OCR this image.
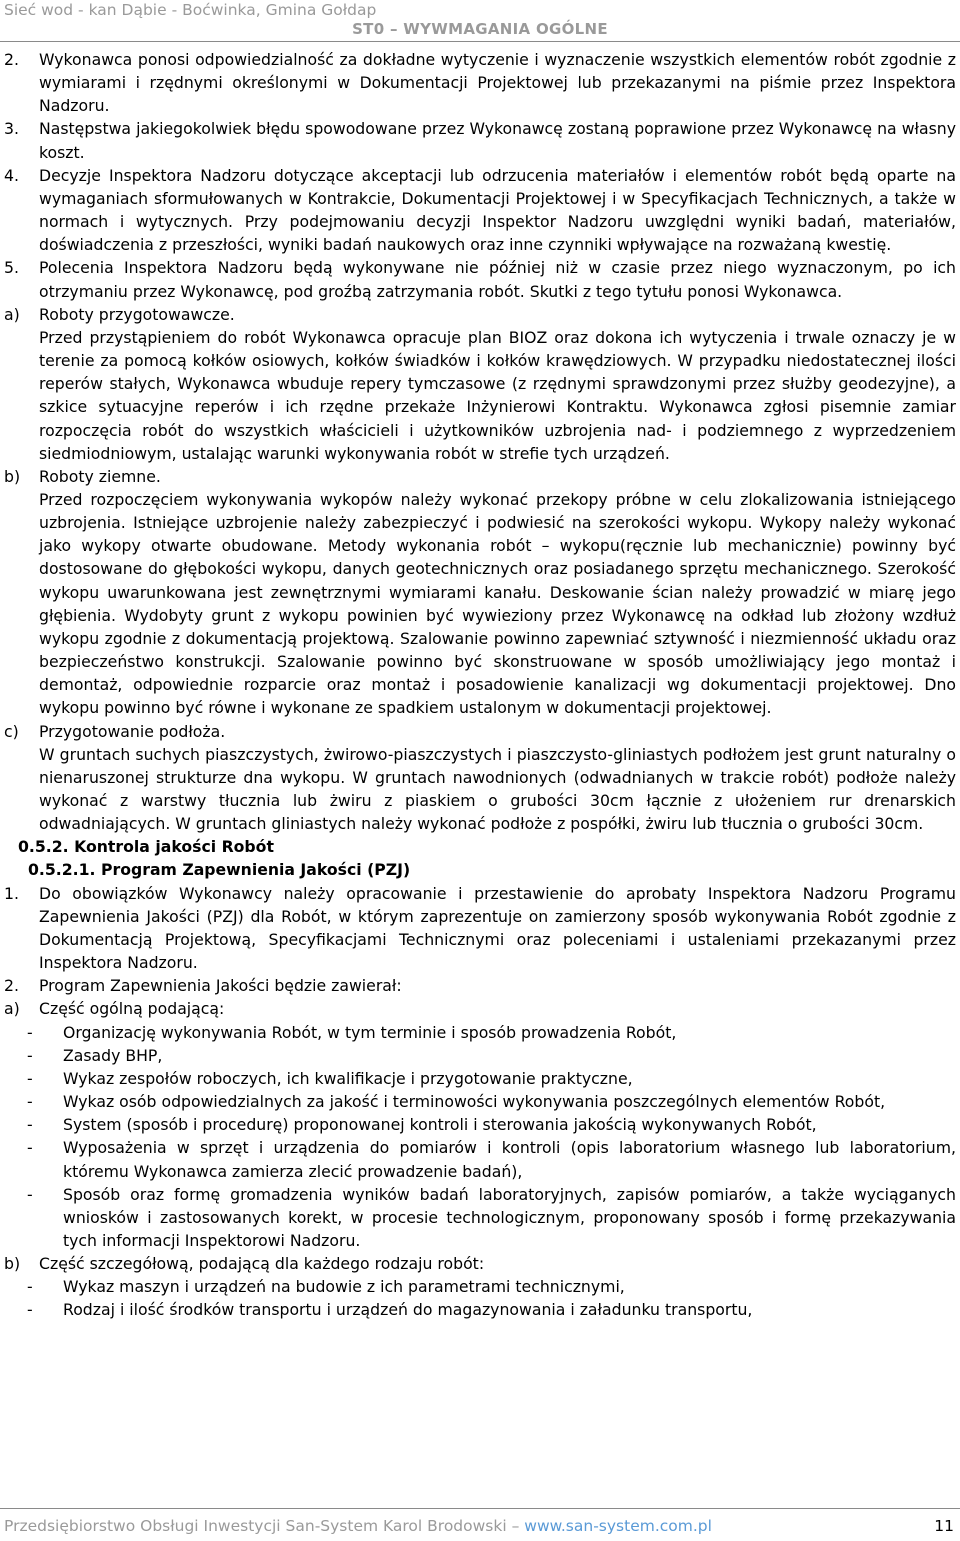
Sieć wod - kan Dąbie - Boćwinka, Gmina Gołdap
ST0 – WYWMAGANIA OGÓLNE
2.	Wykonawca ponosi odpowiedzialność za dokładne wytyczenie i wyznaczenie wszystkich elementów robót zgodnie z wymiarami i rzędnymi określonymi w Dokumentacji Projektowej lub przekazanymi na piśmie przez Inspektora Nadzoru.
3.	Następstwa jakiegokolwiek błędu spowodowane przez Wykonawcę zostaną poprawione przez Wykonawcę na własny koszt.
4.	Decyzje Inspektora Nadzoru dotyczące akceptacji lub odrzucenia materiałów i elementów robót będą oparte na wymaganiach sformułowanych w Kontrakcie, Dokumentacji Projektowej i w Specyfikacjach Technicznych, a także w normach i wytycznych. Przy podejmowaniu decyzji Inspektor Nadzoru uwzględni wyniki badań, materiałów, doświadczenia z przeszłości, wyniki badań naukowych oraz inne czynniki wpływające na rozważaną kwestię.
5.	Polecenia Inspektora Nadzoru będą wykonywane nie później niż w czasie przez niego wyznaczonym, po ich otrzymaniu przez Wykonawcę, pod groźbą zatrzymania robót. Skutki z tego tytułu ponosi Wykonawca.
a)	Roboty przygotowawcze.
Przed przystąpieniem do robót Wykonawca opracuje plan BIOZ oraz dokona ich wytyczenia i trwale oznaczy je w terenie za pomocą kołków osiowych, kołków świadków i kołków krawędziowych. W przypadku niedostatecznej ilości reperów stałych, Wykonawca wbuduje repery tymczasowe (z rzędnymi sprawdzonymi przez służby geodezyjne), a szkice sytuacyjne reperów i ich rzędne przekaże Inżynierowi Kontraktu. Wykonawca zgłosi pisemnie zamiar rozpoczęcia robót do wszystkich właścicieli i użytkowników uzbrojenia nad- i podziemnego z wyprzedzeniem siedmiodniowym, ustalając warunki wykonywania robót w strefie tych urządzeń.
b)	Roboty ziemne.
Przed rozpoczęciem wykonywania wykopów należy wykonać przekopy próbne w celu zlokalizowania istniejącego uzbrojenia. Istniejące uzbrojenie należy zabezpieczyć i podwiesić na szerokości wykopu. Wykopy należy wykonać jako wykopy otwarte obudowane. Metody wykonania robót – wykopu(ręcznie lub mechanicznie) powinny być dostosowane do głębokości wykopu, danych geotechnicznych oraz posiadanego sprzętu mechanicznego. Szerokość wykopu uwarunkowana jest zewnętrznymi wymiarami kanału. Deskowanie ścian należy prowadzić w miarę jego głębienia. Wydobyty grunt z wykopu powinien być wywieziony przez Wykonawcę na odkład lub złożony wzdłuż wykopu zgodnie z dokumentacją projektową. Szalowanie powinno zapewniać sztywność i niezmienność układu oraz bezpieczeństwo konstrukcji. Szalowanie powinno być skonstruowane w sposób umożliwiający jego montaż i demontaż, odpowiednie rozparcie oraz montaż i posadowienie kanalizacji wg dokumentacji projektowej. Dno wykopu powinno być równe i wykonane ze spadkiem ustalonym w dokumentacji projektowej.
c)	Przygotowanie podłoża.
W gruntach suchych piaszczystych, żwirowo-piaszczystych i piaszczysto-gliniastych podłożem jest grunt naturalny o nienaruszonej strukturze dna wykopu. W gruntach nawodnionych (odwadnianych w trakcie robót) podłoże należy wykonać z warstwy tłucznia lub żwiru z piaskiem o grubości 30cm łącznie z ułożeniem rur drenarskich odwadniających. W gruntach gliniastych należy wykonać podłoże z pospółki, żwiru lub tłucznia o grubości 30cm.
0.5.2. Kontrola jakości Robót
0.5.2.1. Program Zapewnienia Jakości (PZJ)
1.	Do obowiązków Wykonawcy należy opracowanie i przestawienie do aprobaty Inspektora Nadzoru Programu Zapewnienia Jakości (PZJ) dla Robót, w którym zaprezentuje on zamierzony sposób wykonywania Robót zgodnie z Dokumentacją Projektową, Specyfikacjami Technicznymi oraz poleceniami i ustaleniami przekazanymi przez Inspektora Nadzoru.
2.	Program Zapewnienia Jakości będzie zawierał:
a)	Część ogólną podającą:
-	Organizację wykonywania Robót, w tym terminie i sposób prowadzenia Robót,
-	Zasady BHP,
-	Wykaz zespołów roboczych, ich kwalifikacje i przygotowanie praktyczne,
-	Wykaz osób odpowiedzialnych za jakość i terminowości wykonywania poszczególnych elementów Robót,
-	System (sposób i procedurę) proponowanej kontroli i sterowania jakością wykonywanych Robót,
-	Wyposażenia w sprzęt i urządzenia do pomiarów i kontroli (opis laboratorium własnego lub laboratorium, któremu Wykonawca zamierza zlecić prowadzenie badań),
-	Sposób oraz formę gromadzenia wyników badań laboratoryjnych, zapisów pomiarów, a także wyciąganych wniosków i zastosowanych korekt, w procesie technologicznym, proponowany sposób i formę przekazywania tych informacji Inspektorowi Nadzoru.
b)	Część szczegółową, podającą dla każdego rodzaju robót:
-	Wykaz maszyn i urządzeń na budowie z ich parametrami technicznymi,
-	Rodzaj i ilość środków transportu i urządzeń do magazynowania i załadunku transportu,
Przedsiębiorstwo Obsługi Inwestycji San-System Karol Brodowski – www.san-system.com.pl	11
